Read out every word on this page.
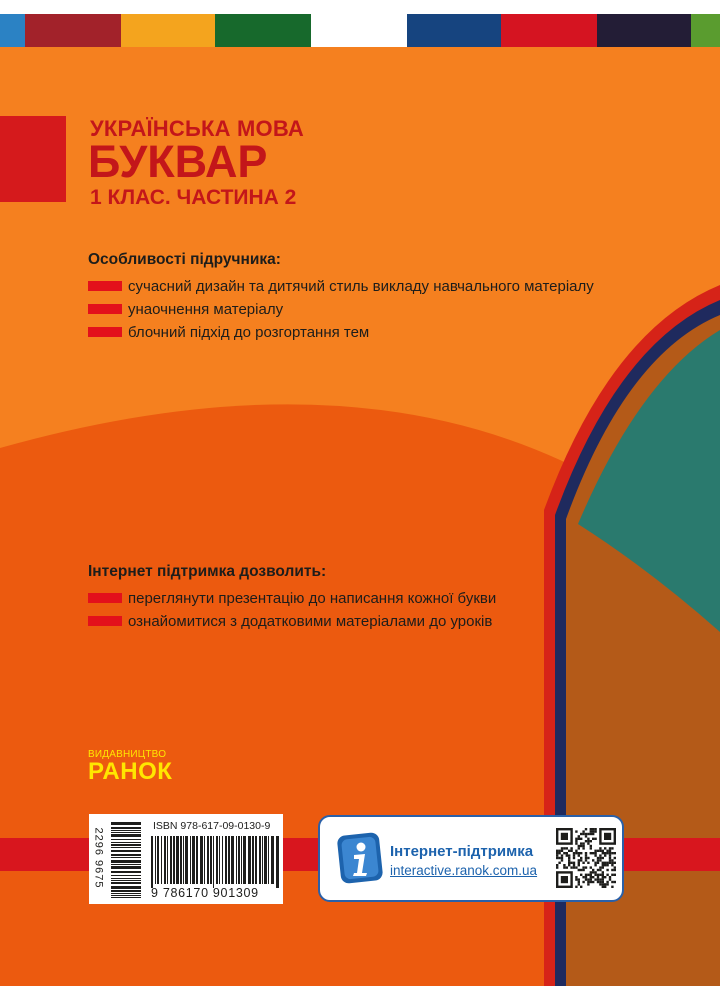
УКРАЇНСЬКА МОВА
БУКВАР
1 КЛАС. ЧАСТИНА 2
Особливості підручника:
сучасний дизайн та дитячий стиль викладу навчального матеріалу
унаочнення матеріалу
блочний підхід до розгортання тем
Інтернет підтримка дозволить:
переглянути презентацію до написання кожної букви
ознайомитися з додатковими матеріалами до уроків
ВИДАВНИЦТВО
РАНОК
2296 9675
ISBN 978-617-09-0130-9
9 786170 901309
Інтернет-підтримка
interactive.ranok.com.ua
